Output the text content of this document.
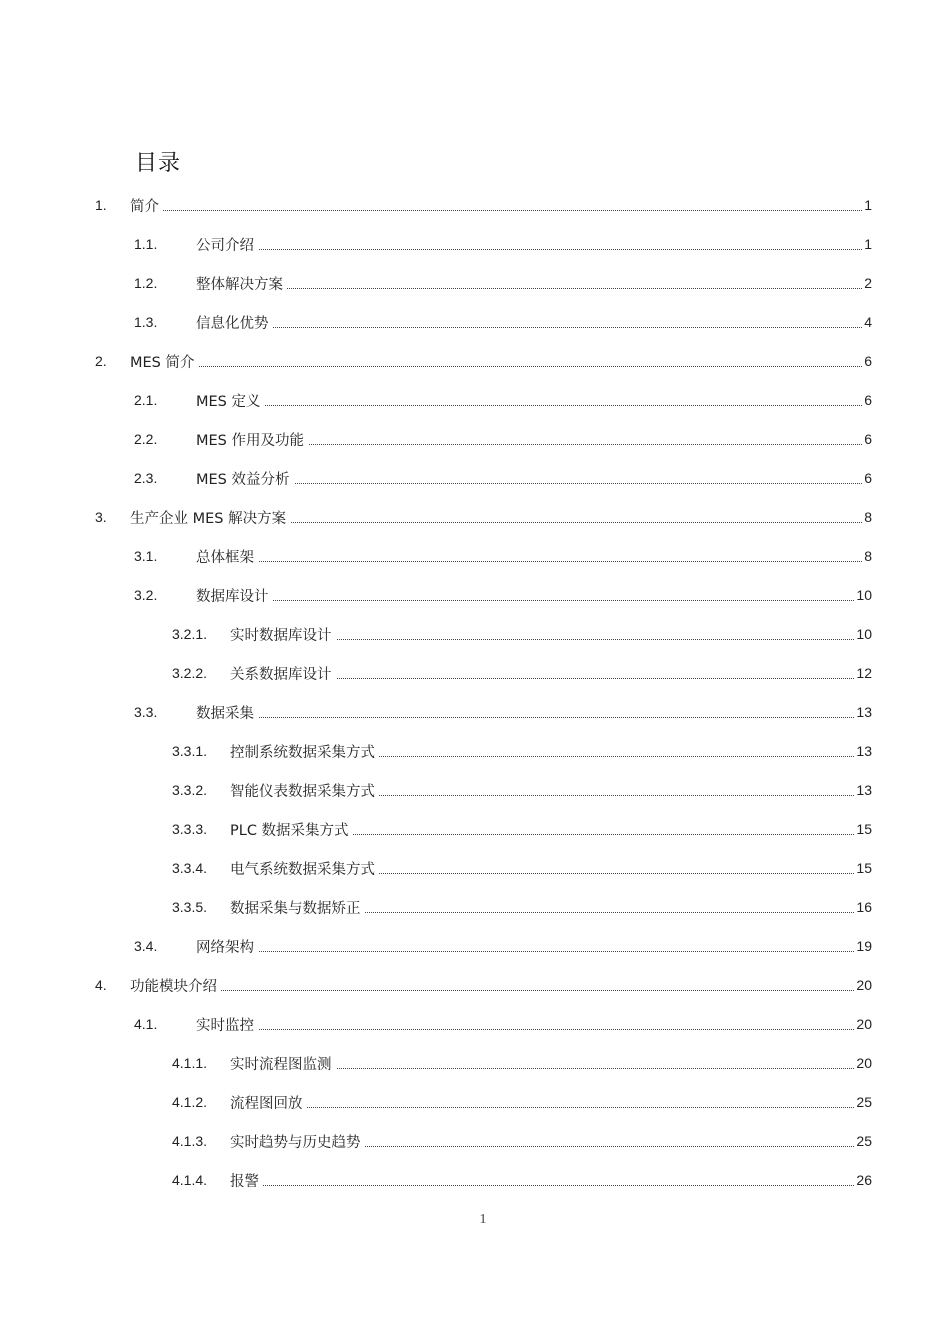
目录
1. 简介	1
1.1.	公司介绍	1
1.2.	整体解决方案	2
1.3.	信息化优势	4
2. MES 简介	6
2.1.	MES 定义	6
2.2.	MES 作用及功能	6
2.3.	MES 效益分析	6
3. 生产企业 MES 解决方案	8
3.1.	总体框架	8
3.2.	数据库设计	10
3.2.1. 实时数据库设计	10
3.2.2. 关系数据库设计	12
3.3.	数据采集	13
3.3.1. 控制系统数据采集方式	13
3.3.2. 智能仪表数据采集方式	13
3.3.3. PLC 数据采集方式	15
3.3.4. 电气系统数据采集方式	15
3.3.5. 数据采集与数据矫正	16
3.4.	网络架构	19
4. 功能模块介绍	20
4.1.	实时监控	20
4.1.1. 实时流程图监测	20
4.1.2. 流程图回放	25
4.1.3. 实时趋势与历史趋势	25
4.1.4. 报警	26
1
